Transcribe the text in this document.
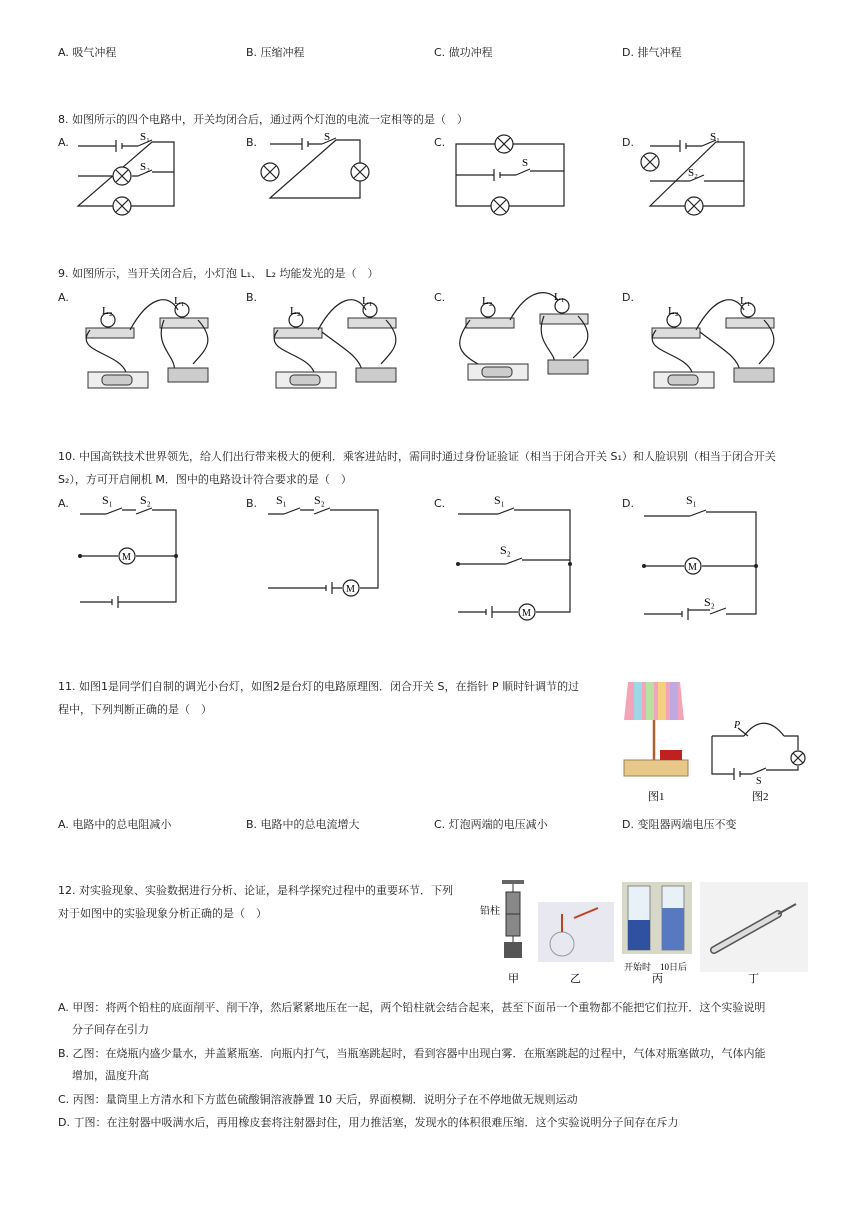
A. 吸气冲程	B. 压缩冲程	C. 做功冲程	D. 排气冲程
8. 如图所示的四个电路中，开关均闭合后，通过两个灯泡的电流一定相等的是（　）
A.	B.	C.	D.
S₁
S₂
S
S
S₁
S₂
9. 如图所示，当开关闭合后，小灯泡 L₁、 L₂ 均能发光的是（　）
A.	B.	C.	D.
L₂
L₁
L₂
L₁	L₂	L₁
L₂
L₁
10. 中国高铁技术世界领先，给人们出行带来极大的便利．乘客进站时，需同时通过身份证验证（相当于闭合开关 S₁）和人脸识别（相当于闭合开关
S₂），方可开启闸机 M．图中的电路设计符合要求的是（　）
A.	B.	C.	D.
M
S₁ S₂
M
S₁ S₂
M
S₁
S₂
M
S₁
S₂
11. 如图1是同学们自制的调光小台灯，如图2是台灯的电路原理图．闭合开关 S，在指针 P 顺时针调节的过
程中，下列判断正确的是（　）
图1
P
S
图2
A. 电路中的总电阻减小	B. 电路中的总电流增大	C. 灯泡两端的电压减小	D. 变阻器两端电压不变
12. 对实验现象、实验数据进行分析、论证，是科学探究过程中的重要环节．下列
对于如图中的实验现象分析正确的是（　）	铅柱
开始时 10日后
甲	乙	丙	丁
A. 甲图：将两个铅柱的底面削平、削干净，然后紧紧地压在一起，两个铅柱就会结合起来，甚至下面吊一个重物都不能把它们拉开．这个实验说明
分子间存在引力
B. 乙图：在烧瓶内盛少量水，并盖紧瓶塞．向瓶内打气，当瓶塞跳起时，看到容器中出现白雾．在瓶塞跳起的过程中，气体对瓶塞做功，气体内能
增加，温度升高
C. 丙图：量筒里上方清水和下方蓝色硫酸铜溶液静置 10 天后，界面模糊．说明分子在不停地做无规则运动
D. 丁图：在注射器中吸满水后，再用橡皮套将注射器封住，用力推活塞，发现水的体积很难压缩．这个实验说明分子间存在斥力
